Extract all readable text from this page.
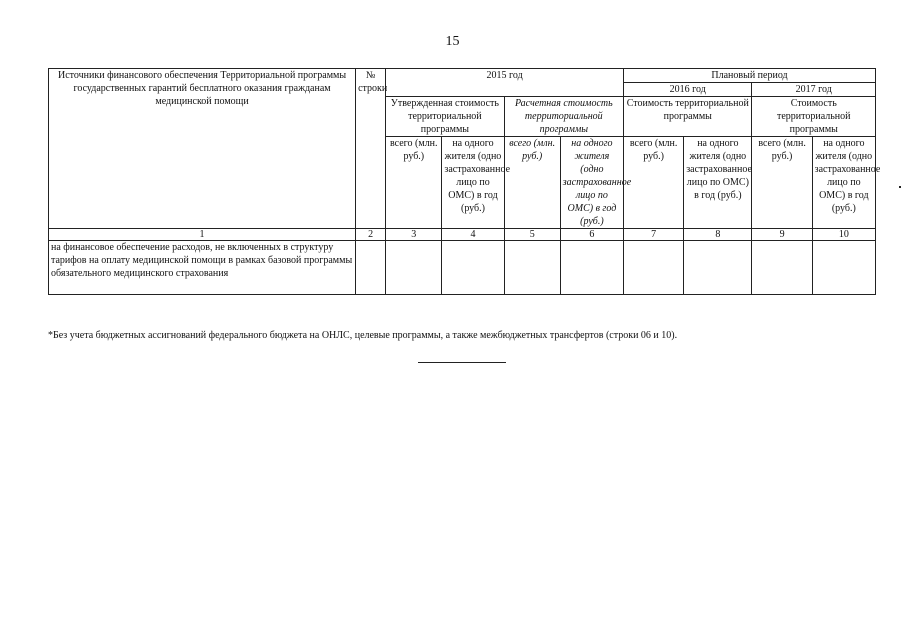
15
Источники финансового обеспечения Территориальной программы государственных гарантий бесплатного оказания гражданам медицинской помощи	№ строки	2015 год				Плановый период			
						2016 год		2017 год	
		Утвержденная стоимость территориальной программы		Расчетная стоимость территориальной программы		Стоимость территориальной программы		Стоимость территориальной программы	
		всего (млн. руб.)	на одного жителя (одно застрахованное лицо по ОМС) в год (руб.)	всего (млн. руб.)	на одного жителя (одно застрахованное лицо по ОМС) в год (руб.)	всего (млн. руб.)	на одного жителя (одно застрахованное лицо по ОМС) в год (руб.)	всего (млн. руб.)	на одного жителя (одно застрахованное лицо по ОМС) в год (руб.)
1	2	3	4	5	6	7	8	9	10
на финансовое обеспечение расходов, не включенных в структуру тарифов на оплату медицинской помощи в рамках базовой программы обязательного медицинского страхования									
*Без учета бюджетных ассигнований федерального бюджета на ОНЛС, целевые программы, а также межбюджетных трансфертов (строки 06 и 10).
